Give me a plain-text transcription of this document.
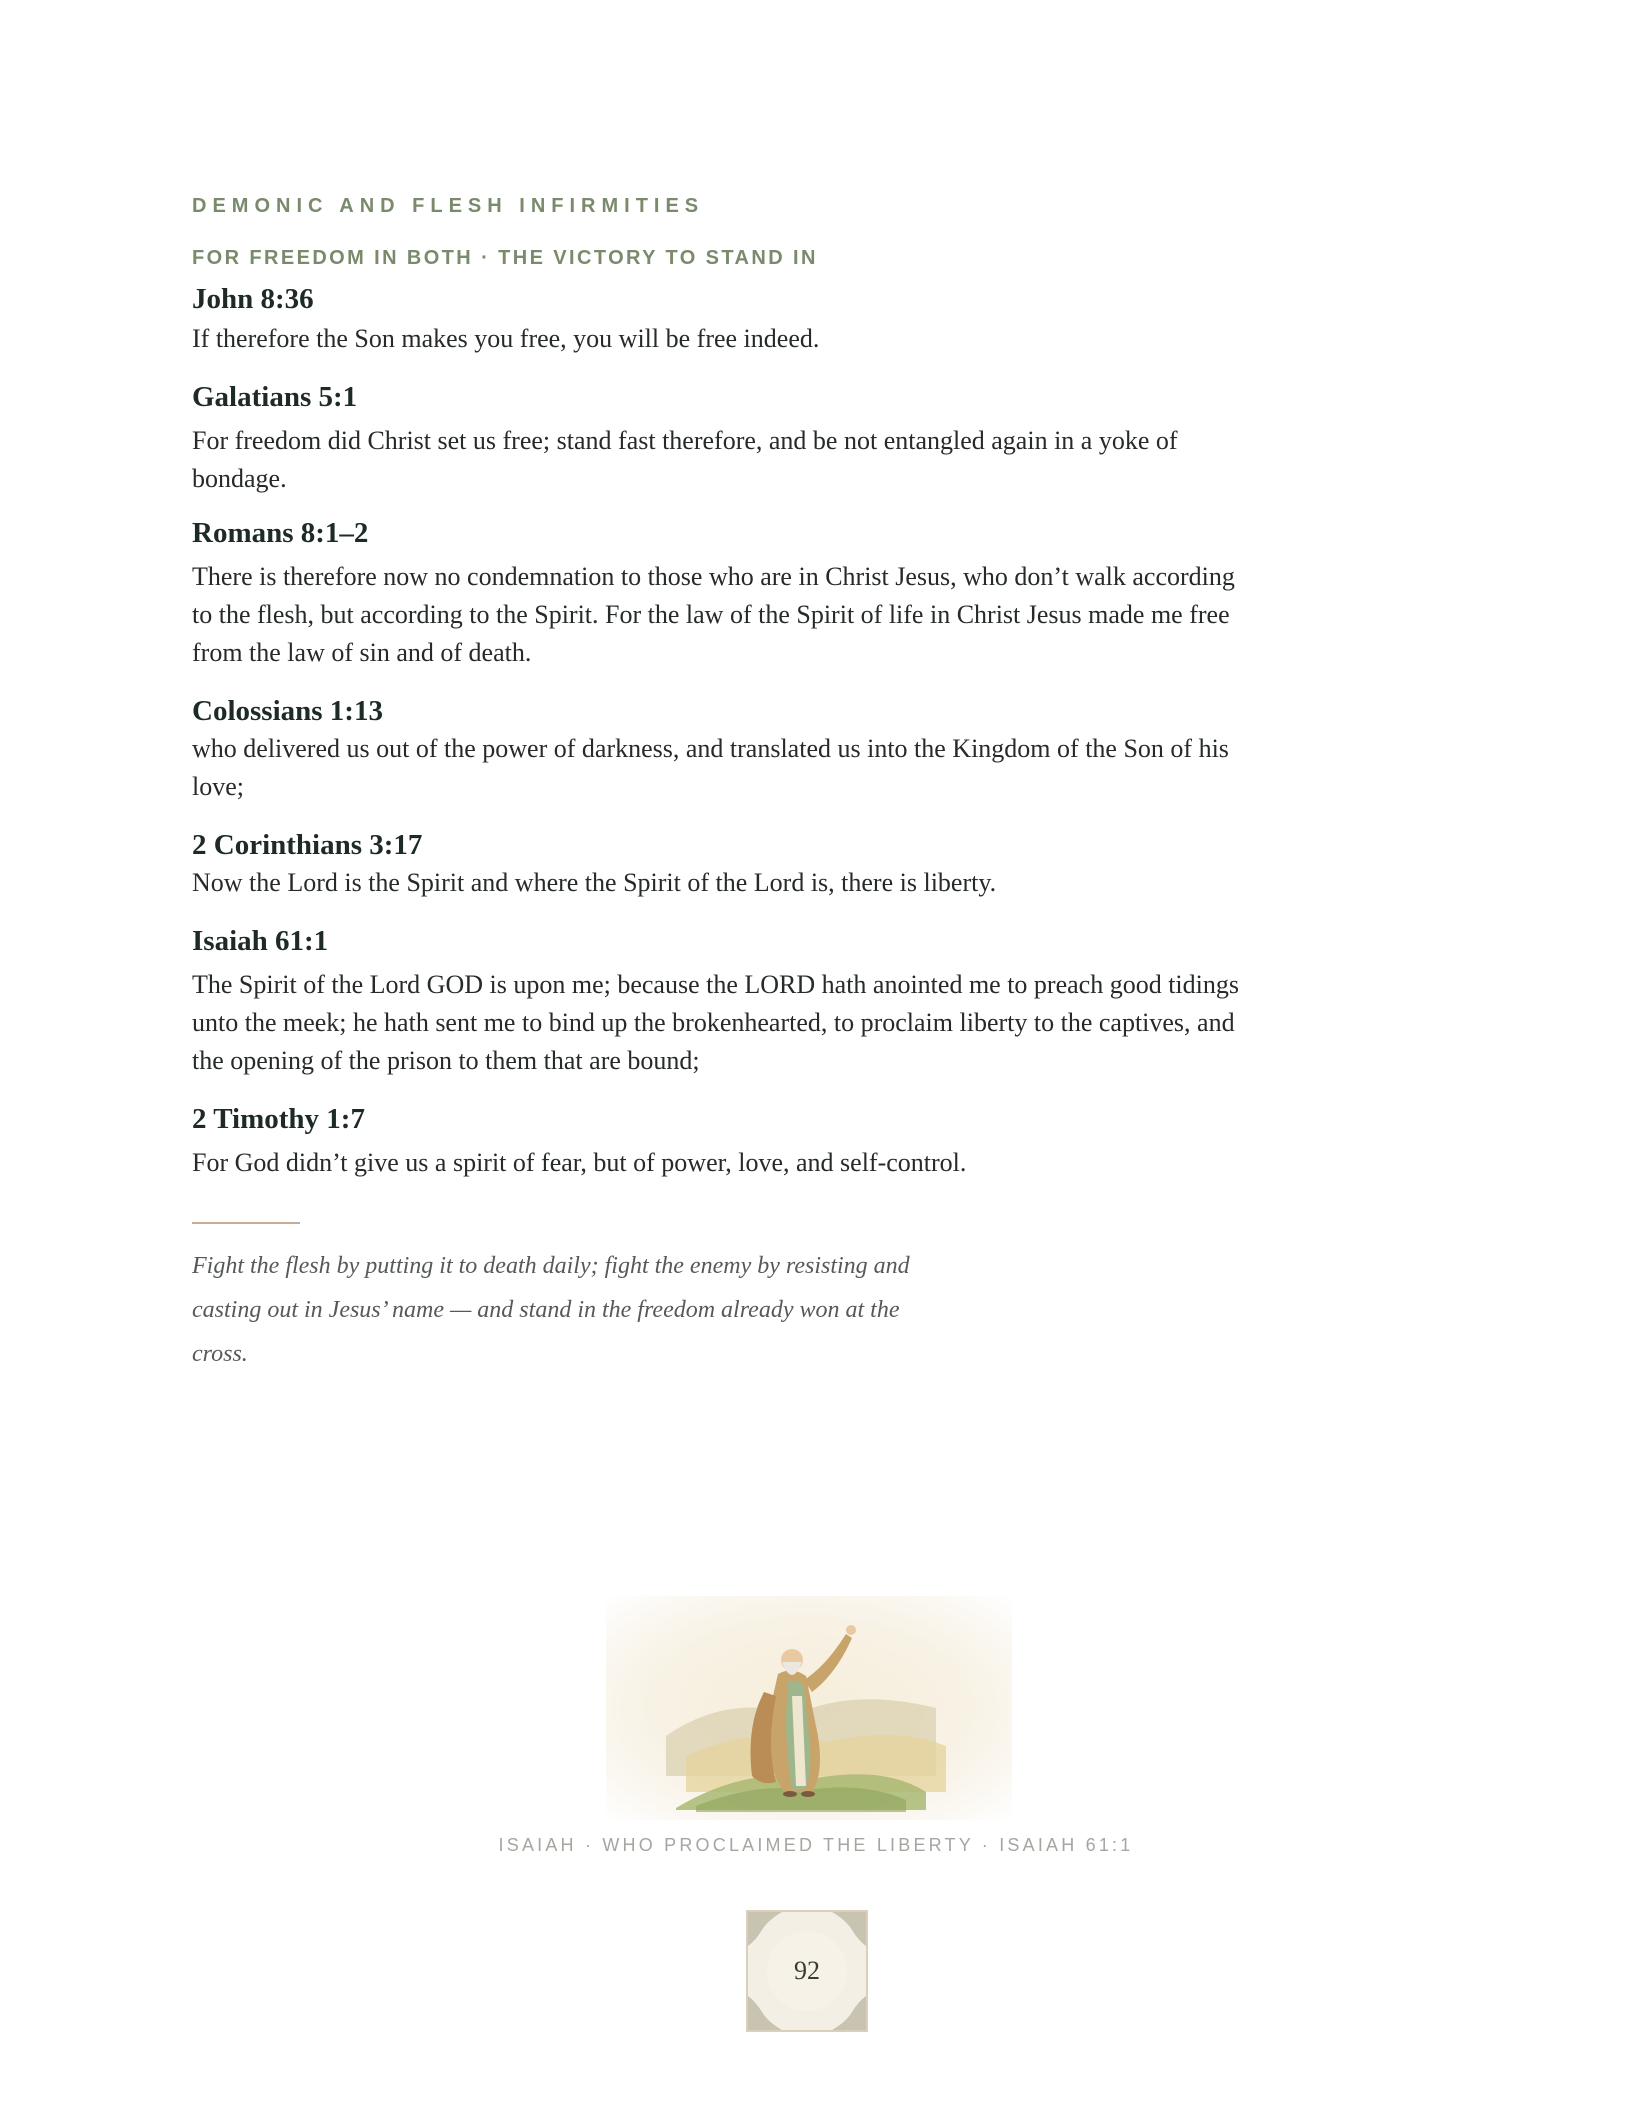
DEMONIC AND FLESH INFIRMITIES

FOR FREEDOM IN BOTH · THE VICTORY TO STAND IN

John 8:36

If therefore the Son makes you free, you will be free indeed.

Galatians 5:1

For freedom did Christ set us free; stand fast therefore, and be not entangled again in a yoke of bondage.

Romans 8:1–2

There is therefore now no condemnation to those who are in Christ Jesus, who don’t walk according to the flesh, but according to the Spirit. For the law of the Spirit of life in Christ Jesus made me free from the law of sin and of death.

Colossians 1:13

who delivered us out of the power of darkness, and translated us into the Kingdom of the Son of his love;

2 Corinthians 3:17

Now the Lord is the Spirit and where the Spirit of the Lord is, there is liberty.

Isaiah 61:1

The Spirit of the Lord GOD is upon me; because the LORD hath anointed me to preach good tidings unto the meek; he hath sent me to bind up the brokenhearted, to proclaim liberty to the captives, and the opening of the prison to them that are bound;

2 Timothy 1:7

For God didn’t give us a spirit of fear, but of power, love, and self-control.

Fight the flesh by putting it to death daily; fight the enemy by resisting and casting out in Jesus’ name — and stand in the freedom already won at the cross.

ISAIAH · WHO PROCLAIMED THE LIBERTY · ISAIAH 61:1

92
